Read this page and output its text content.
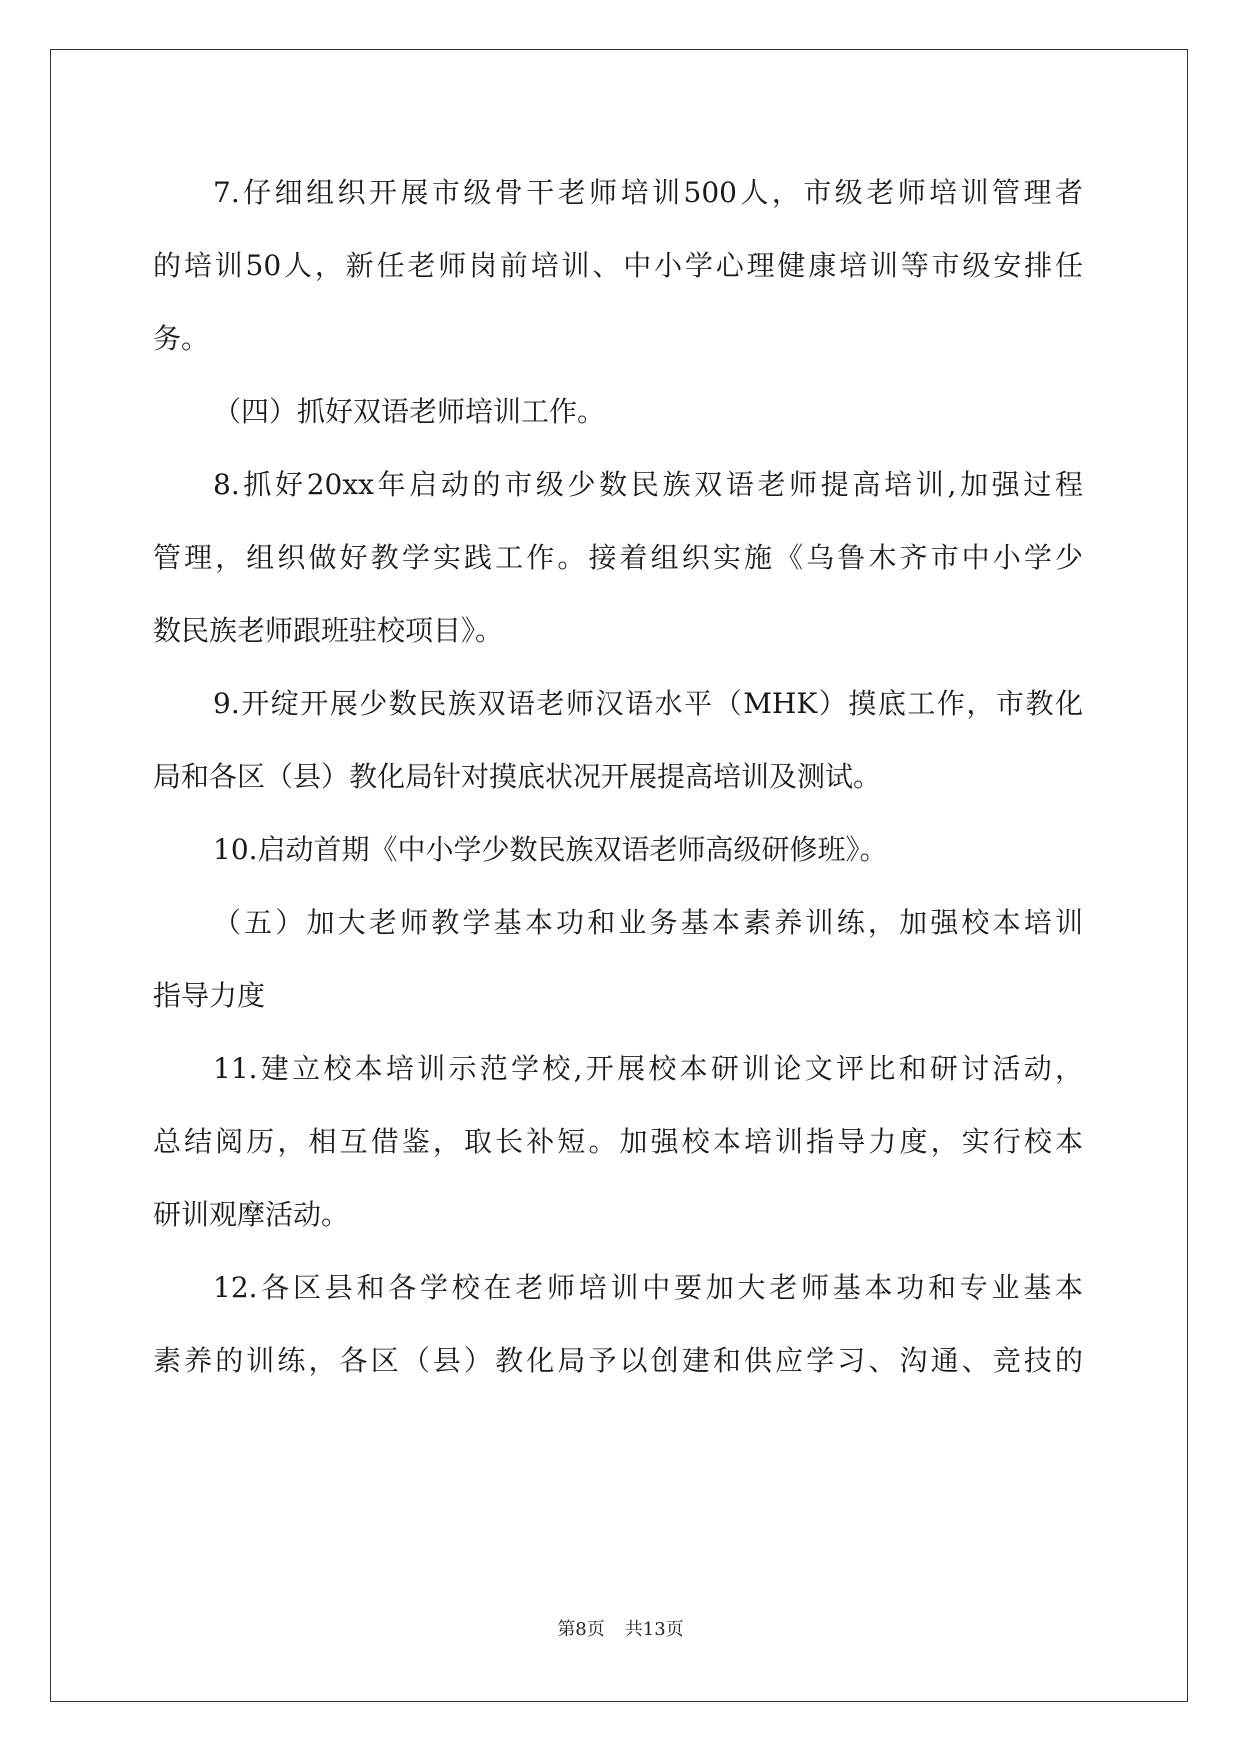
7.仔细组织开展市级骨干老师培训500人，市级老师培训管理者
的培训50人，新任老师岗前培训、中小学心理健康培训等市级安排任
务。
（四）抓好双语老师培训工作。
8.抓好20xx年启动的市级少数民族双语老师提高培训,加强过程
管理，组织做好教学实践工作。接着组织实施《乌鲁木齐市中小学少
数民族老师跟班驻校项目》。
9.开绽开展少数民族双语老师汉语水平（MHK）摸底工作，市教化
局和各区（县）教化局针对摸底状况开展提高培训及测试。
10.启动首期《中小学少数民族双语老师高级研修班》。
（五）加大老师教学基本功和业务基本素养训练，加强校本培训
指导力度
11.建立校本培训示范学校,开展校本研训论文评比和研讨活动，
总结阅历，相互借鉴，取长补短。加强校本培训指导力度，实行校本
研训观摩活动。
12.各区县和各学校在老师培训中要加大老师基本功和专业基本
素养的训练，各区（县）教化局予以创建和供应学习、沟通、竞技的
第8页 共13页
